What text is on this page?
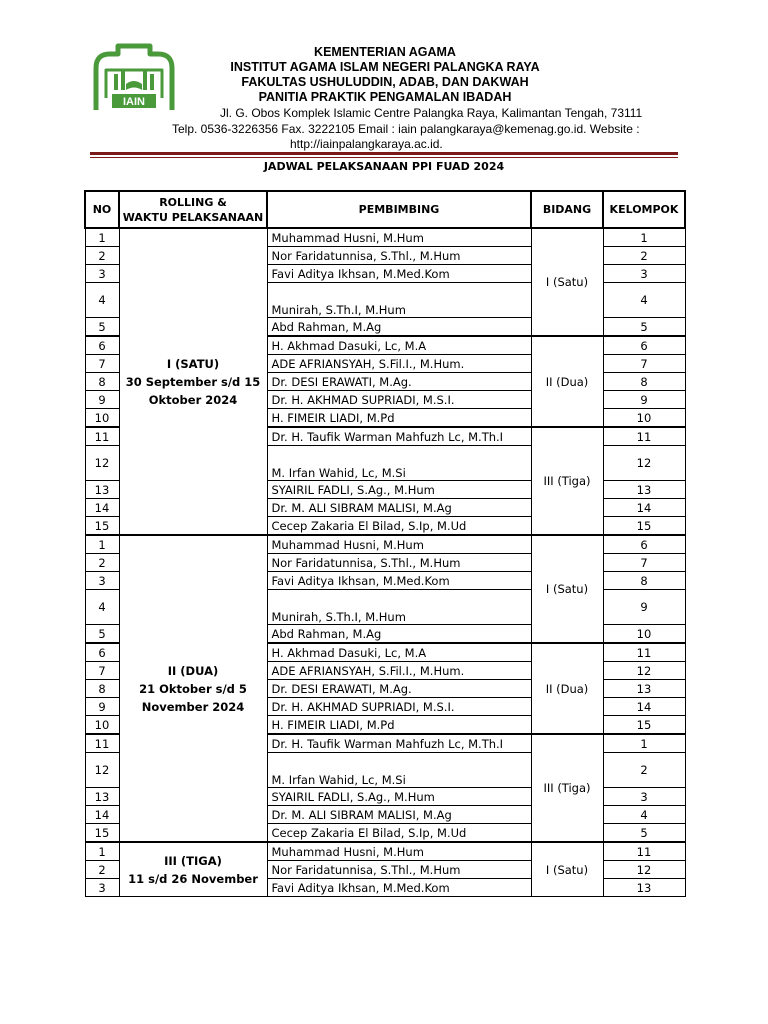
IAIN
KEMENTERIAN AGAMA
INSTITUT AGAMA ISLAM NEGERI PALANGKA RAYA
FAKULTAS USHULUDDIN, ADAB, DAN DAKWAH
PANITIA PRAKTIK PENGAMALAN IBADAH
Jl. G. Obos Komplek Islamic Centre Palangka Raya, Kalimantan Tengah, 73111
Telp. 0536-3226356 Fax. 3222105 Email : iain palangkaraya@kemenag.go.id. Website :
http://iainpalangkaraya.ac.id.
JADWAL PELAKSANAAN PPI FUAD 2024
NO	ROLLING &
WAKTU PELAKSANAAN	PEMBIMBING	BIDANG	KELOMPOK
1	I (SATU)
30 September s/d 15
Oktober 2024	Muhammad Husni, M.Hum	I (Satu)	1
2		Nor Faridatunnisa, S.Thl., M.Hum		2
3		Favi Aditya Ikhsan, M.Med.Kom		3
4		Munirah, S.Th.I, M.Hum		4
5		Abd Rahman, M.Ag		5
6		H. Akhmad Dasuki, Lc, M.A	II (Dua)	6
7		ADE AFRIANSYAH, S.Fil.I., M.Hum.		7
8		Dr. DESI ERAWATI, M.Ag.		8
9		Dr. H. AKHMAD SUPRIADI, M.S.I.		9
10		H. FIMEIR LIADI, M.Pd		10
11		Dr. H. Taufik Warman Mahfuzh Lc, M.Th.I	III (Tiga)	11
12		M. Irfan Wahid, Lc, M.Si		12
13		SYAIRIL FADLI, S.Ag., M.Hum		13
14		Dr. M. ALI SIBRAM MALISI, M.Ag		14
15		Cecep Zakaria El Bilad, S.Ip, M.Ud		15
1	II (DUA)
21 Oktober s/d 5
November 2024	Muhammad Husni, M.Hum	I (Satu)	6
2		Nor Faridatunnisa, S.Thl., M.Hum		7
3		Favi Aditya Ikhsan, M.Med.Kom		8
4		Munirah, S.Th.I, M.Hum		9
5		Abd Rahman, M.Ag		10
6		H. Akhmad Dasuki, Lc, M.A	II (Dua)	11
7		ADE AFRIANSYAH, S.Fil.I., M.Hum.		12
8		Dr. DESI ERAWATI, M.Ag.		13
9		Dr. H. AKHMAD SUPRIADI, M.S.I.		14
10		H. FIMEIR LIADI, M.Pd		15
11		Dr. H. Taufik Warman Mahfuzh Lc, M.Th.I	III (Tiga)	1
12		M. Irfan Wahid, Lc, M.Si		2
13		SYAIRIL FADLI, S.Ag., M.Hum		3
14		Dr. M. ALI SIBRAM MALISI, M.Ag		4
15		Cecep Zakaria El Bilad, S.Ip, M.Ud		5
1	III (TIGA)
11 s/d 26 November	Muhammad Husni, M.Hum	I (Satu)	11
2		Nor Faridatunnisa, S.Thl., M.Hum		12
3		Favi Aditya Ikhsan, M.Med.Kom		13
